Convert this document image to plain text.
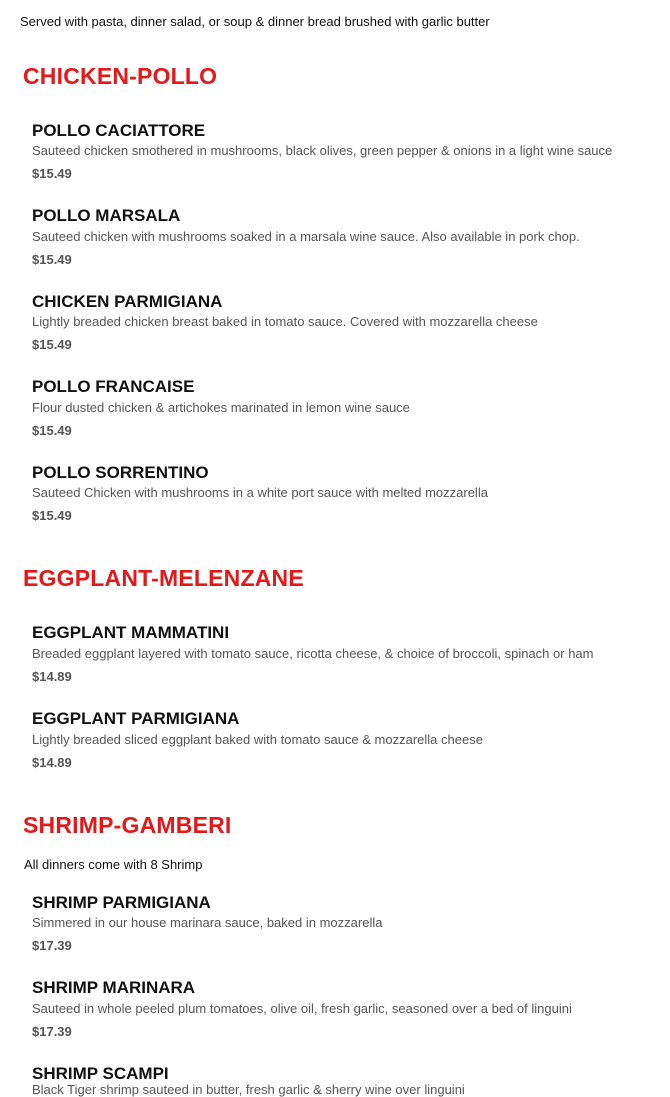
Served with pasta, dinner salad, or soup & dinner bread brushed with garlic butter
CHICKEN-POLLO
POLLO CACIATTORE
Sauteed chicken smothered in mushrooms, black olives, green pepper & onions in a light wine sauce
$15.49
POLLO MARSALA
Sauteed chicken with mushrooms soaked in a marsala wine sauce. Also available in pork chop.
$15.49
CHICKEN PARMIGIANA
Lightly breaded chicken breast baked in tomato sauce. Covered with mozzarella cheese
$15.49
POLLO FRANCAISE
Flour dusted chicken & artichokes marinated in lemon wine sauce
$15.49
POLLO SORRENTINO
Sauteed Chicken with mushrooms in a white port sauce with melted mozzarella
$15.49
EGGPLANT-MELENZANE
EGGPLANT MAMMATINI
Breaded eggplant layered with tomato sauce, ricotta cheese, & choice of broccoli, spinach or ham
$14.89
EGGPLANT PARMIGIANA
Lightly breaded sliced eggplant baked with tomato sauce & mozzarella cheese
$14.89
SHRIMP-GAMBERI
All dinners come with 8 Shrimp
SHRIMP PARMIGIANA
Simmered in our house marinara sauce, baked in mozzarella
$17.39
SHRIMP MARINARA
Sauteed in whole peeled plum tomatoes, olive oil, fresh garlic, seasoned over a bed of linguini
$17.39
SHRIMP SCAMPI
Black Tiger shrimp sauteed in butter, fresh garlic & sherry wine over linguini
